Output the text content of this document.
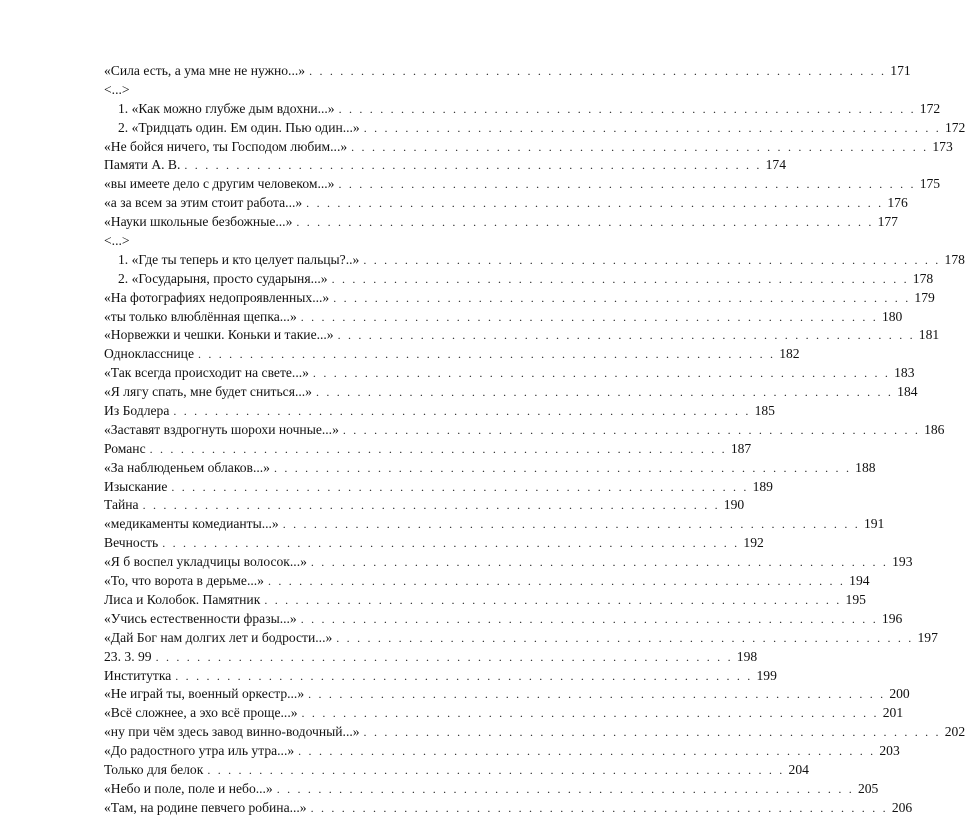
«Сила есть, а ума мне не нужно...» . . . . . . . . . . . . . . . . . . . . . . . . . . . . . . . . . . . . . . . . . . . . . . . . . . . . . . . . 171
<...>
1. «Как можно глубже дым вдохни...» . . . . . . . . . . . . . . . . . . . . . . . . . . . . . . . . . . . . . . . . . . . . . . . . . . . . . . . . 172
2. «Тридцать один. Ем один. Пью один...» . . . . . . . . . . . . . . . . . . . . . . . . . . . . . . . . . . . . . . . . . . . . . . . . . . . . . . . . 172
«Не бойся ничего, ты Господом любим...» . . . . . . . . . . . . . . . . . . . . . . . . . . . . . . . . . . . . . . . . . . . . . . . . . . . . . . . . 173
Памяти А. В. . . . . . . . . . . . . . . . . . . . . . . . . . . . . . . . . . . . . . . . . . . . . . . . . . . . . . . . . 174
«вы имеете дело с другим человеком...» . . . . . . . . . . . . . . . . . . . . . . . . . . . . . . . . . . . . . . . . . . . . . . . . . . . . . . . . 175
«а за всем за этим стоит работа...» . . . . . . . . . . . . . . . . . . . . . . . . . . . . . . . . . . . . . . . . . . . . . . . . . . . . . . . . 176
«Науки школьные безбожные...» . . . . . . . . . . . . . . . . . . . . . . . . . . . . . . . . . . . . . . . . . . . . . . . . . . . . . . . . 177
<...>
1. «Где ты теперь и кто целует пальцы?..» . . . . . . . . . . . . . . . . . . . . . . . . . . . . . . . . . . . . . . . . . . . . . . . . . . . . . . . . 178
2. «Государыня, просто сударыня...» . . . . . . . . . . . . . . . . . . . . . . . . . . . . . . . . . . . . . . . . . . . . . . . . . . . . . . . . 178
«На фотографиях недопроявленных...» . . . . . . . . . . . . . . . . . . . . . . . . . . . . . . . . . . . . . . . . . . . . . . . . . . . . . . . . 179
«ты только влюблённая щепка...» . . . . . . . . . . . . . . . . . . . . . . . . . . . . . . . . . . . . . . . . . . . . . . . . . . . . . . . . 180
«Норвежки и чешки. Коньки и такие...» . . . . . . . . . . . . . . . . . . . . . . . . . . . . . . . . . . . . . . . . . . . . . . . . . . . . . . . . 181
Однокласснице . . . . . . . . . . . . . . . . . . . . . . . . . . . . . . . . . . . . . . . . . . . . . . . . . . . . . . . . 182
«Так всегда происходит на свете...» . . . . . . . . . . . . . . . . . . . . . . . . . . . . . . . . . . . . . . . . . . . . . . . . . . . . . . . . 183
«Я лягу спать, мне будет сниться...» . . . . . . . . . . . . . . . . . . . . . . . . . . . . . . . . . . . . . . . . . . . . . . . . . . . . . . . . 184
Из Бодлера . . . . . . . . . . . . . . . . . . . . . . . . . . . . . . . . . . . . . . . . . . . . . . . . . . . . . . . . 185
«Заставят вздрогнуть шорохи ночные...» . . . . . . . . . . . . . . . . . . . . . . . . . . . . . . . . . . . . . . . . . . . . . . . . . . . . . . . . 186
Романс . . . . . . . . . . . . . . . . . . . . . . . . . . . . . . . . . . . . . . . . . . . . . . . . . . . . . . . . 187
«За наблюденьем облаков...» . . . . . . . . . . . . . . . . . . . . . . . . . . . . . . . . . . . . . . . . . . . . . . . . . . . . . . . . 188
Изыскание . . . . . . . . . . . . . . . . . . . . . . . . . . . . . . . . . . . . . . . . . . . . . . . . . . . . . . . . 189
Тайна . . . . . . . . . . . . . . . . . . . . . . . . . . . . . . . . . . . . . . . . . . . . . . . . . . . . . . . . 190
«медикаменты комедианты...» . . . . . . . . . . . . . . . . . . . . . . . . . . . . . . . . . . . . . . . . . . . . . . . . . . . . . . . . 191
Вечность . . . . . . . . . . . . . . . . . . . . . . . . . . . . . . . . . . . . . . . . . . . . . . . . . . . . . . . . 192
«Я б воспел укладчицы волосок...» . . . . . . . . . . . . . . . . . . . . . . . . . . . . . . . . . . . . . . . . . . . . . . . . . . . . . . . . 193
«То, что ворота в дерьме...» . . . . . . . . . . . . . . . . . . . . . . . . . . . . . . . . . . . . . . . . . . . . . . . . . . . . . . . . 194
Лиса и Колобок. Памятник . . . . . . . . . . . . . . . . . . . . . . . . . . . . . . . . . . . . . . . . . . . . . . . . . . . . . . . . 195
«Учись естественности фразы...» . . . . . . . . . . . . . . . . . . . . . . . . . . . . . . . . . . . . . . . . . . . . . . . . . . . . . . . . 196
«Дай Бог нам долгих лет и бодрости...» . . . . . . . . . . . . . . . . . . . . . . . . . . . . . . . . . . . . . . . . . . . . . . . . . . . . . . . . 197
23. 3. 99 . . . . . . . . . . . . . . . . . . . . . . . . . . . . . . . . . . . . . . . . . . . . . . . . . . . . . . . . 198
Институтка . . . . . . . . . . . . . . . . . . . . . . . . . . . . . . . . . . . . . . . . . . . . . . . . . . . . . . . . 199
«Не играй ты, военный оркестр...» . . . . . . . . . . . . . . . . . . . . . . . . . . . . . . . . . . . . . . . . . . . . . . . . . . . . . . . . 200
«Всё сложнее, а эхо всё проще...» . . . . . . . . . . . . . . . . . . . . . . . . . . . . . . . . . . . . . . . . . . . . . . . . . . . . . . . . 201
«ну при чём здесь завод винно-водочный...» . . . . . . . . . . . . . . . . . . . . . . . . . . . . . . . . . . . . . . . . . . . . . . . . . . . . . . . . 202
«До радостного утра иль утра...» . . . . . . . . . . . . . . . . . . . . . . . . . . . . . . . . . . . . . . . . . . . . . . . . . . . . . . . . 203
Только для белок . . . . . . . . . . . . . . . . . . . . . . . . . . . . . . . . . . . . . . . . . . . . . . . . . . . . . . . . 204
«Небо и поле, поле и небо...» . . . . . . . . . . . . . . . . . . . . . . . . . . . . . . . . . . . . . . . . . . . . . . . . . . . . . . . . 205
«Там, на родине певчего робина...» . . . . . . . . . . . . . . . . . . . . . . . . . . . . . . . . . . . . . . . . . . . . . . . . . . . . . . . . 206
